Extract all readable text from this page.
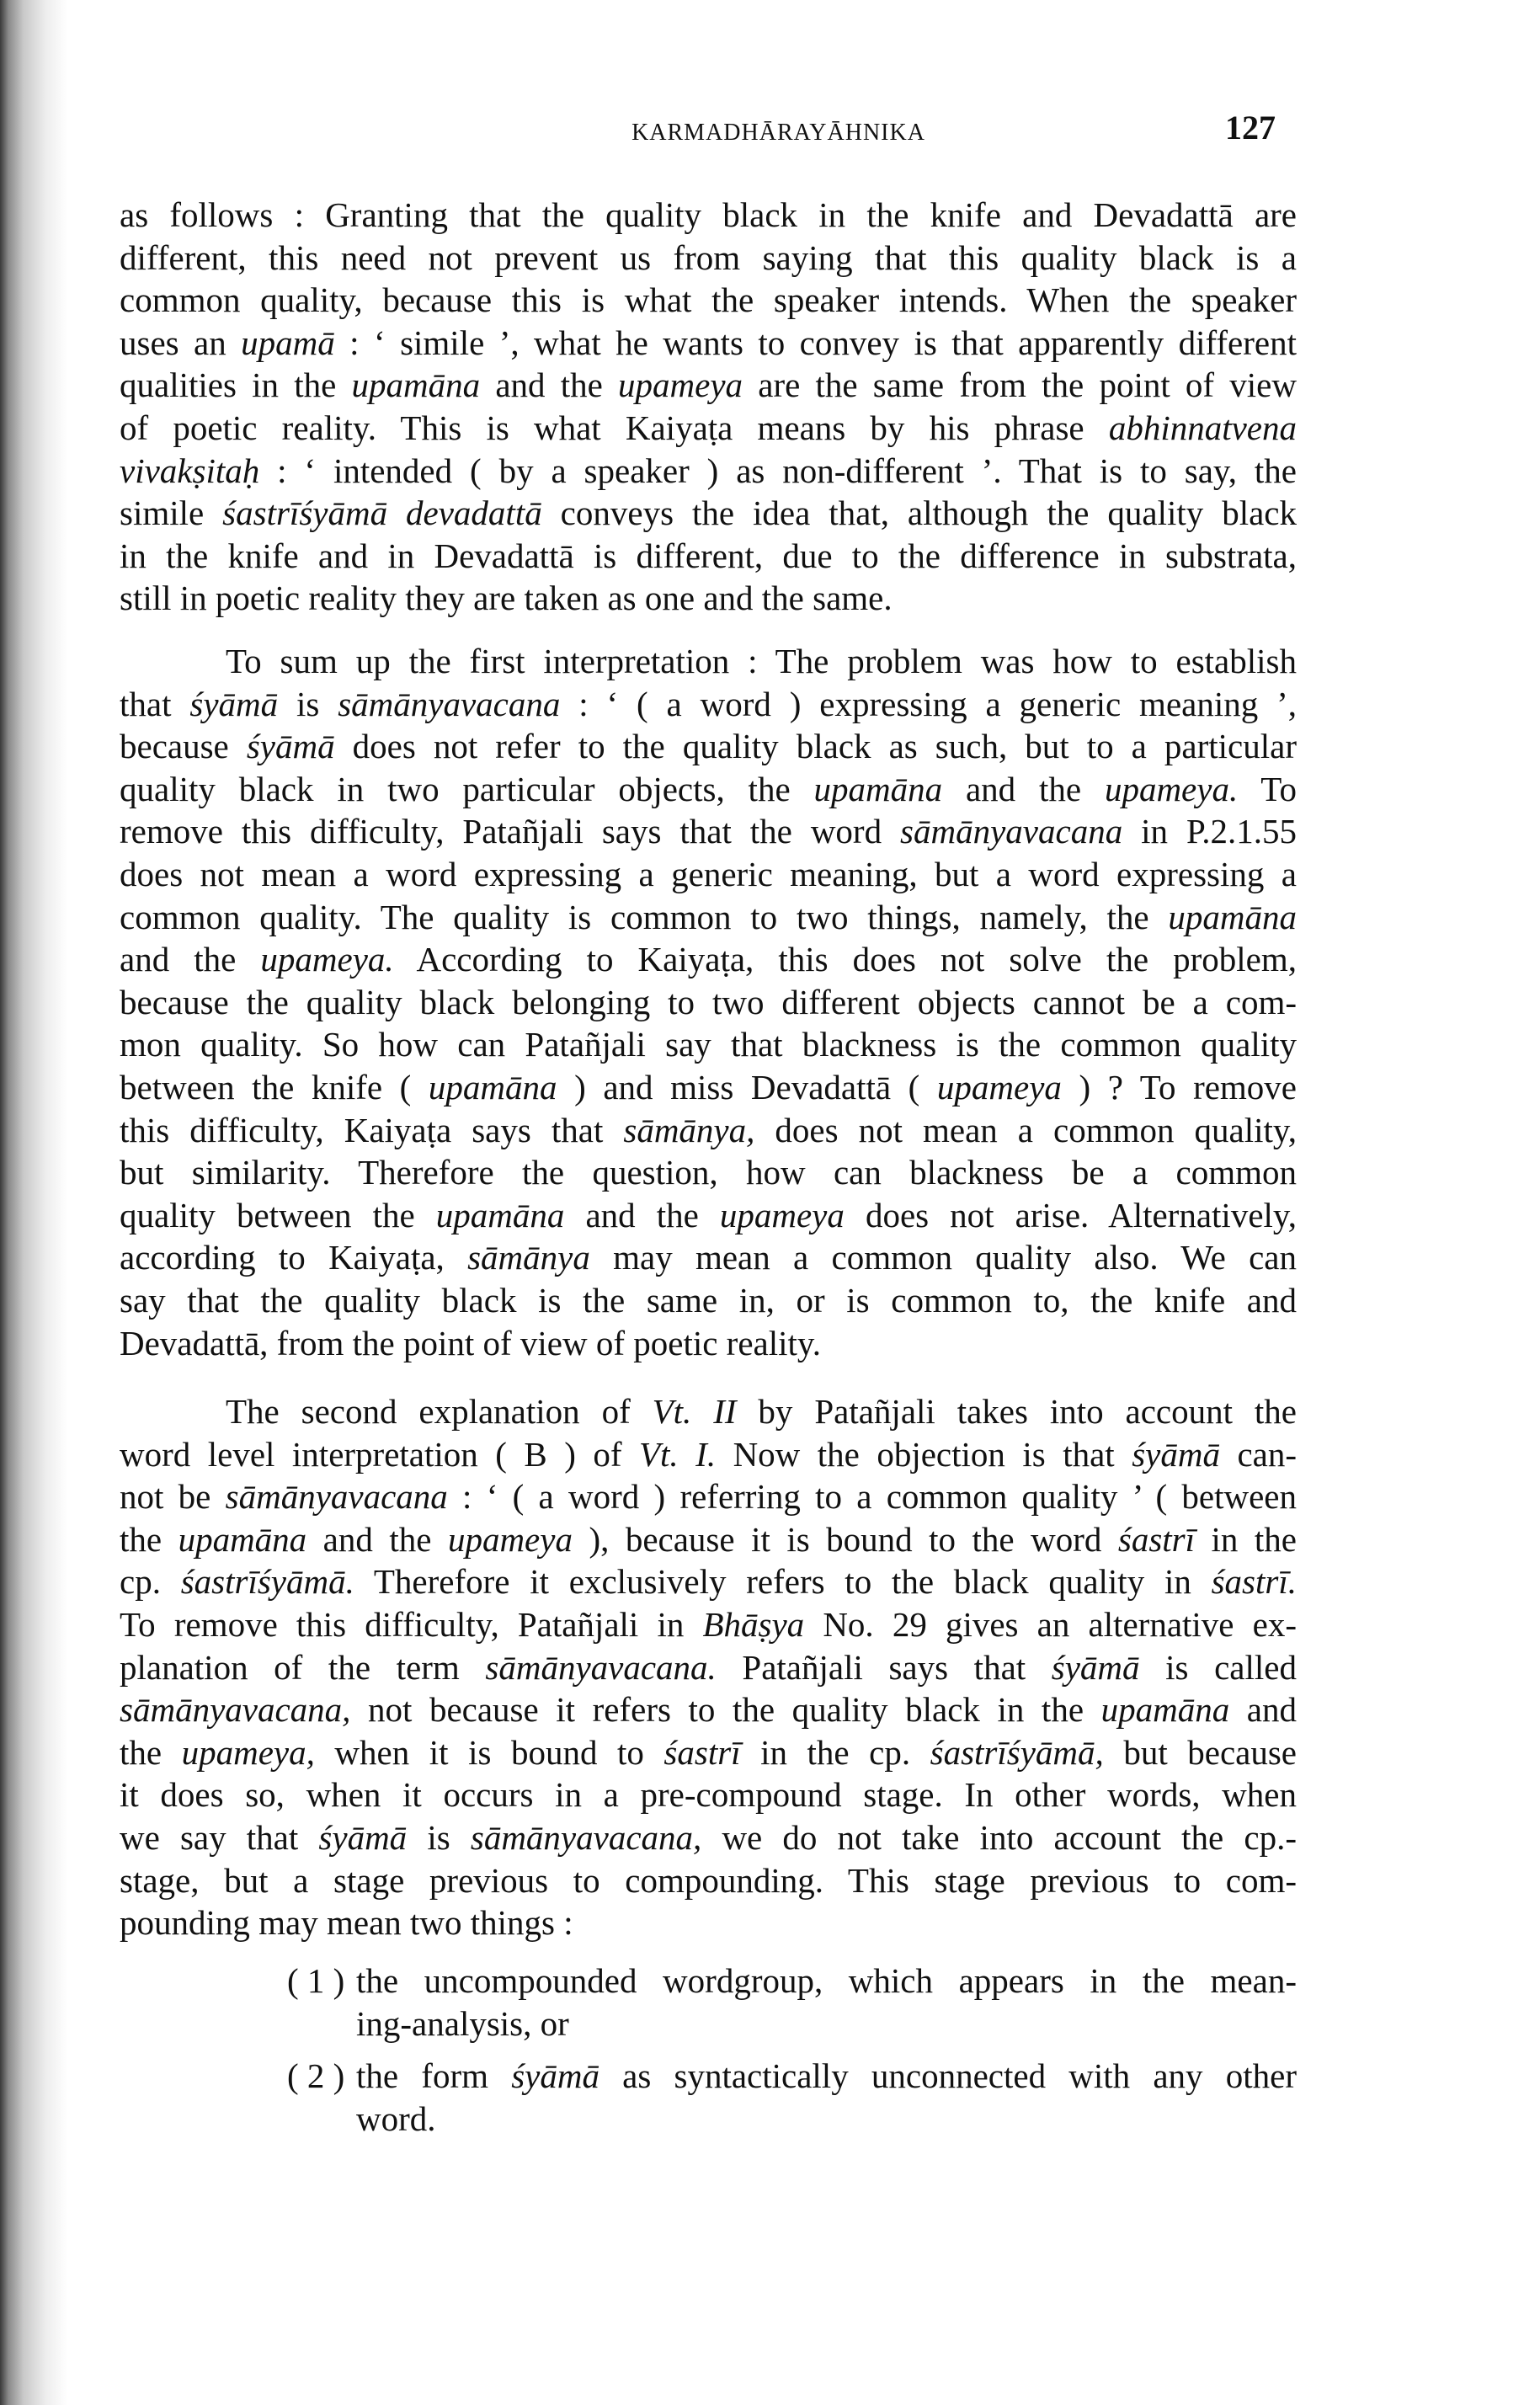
KARMADHĀRAYĀHNIKA	127
as follows : Granting that the quality black in the knife and Devadattā are
different, this need not prevent us from saying that this quality black is a
common quality, because this is what the speaker intends. When the speaker
uses an upamā : ‘ simile ’, what he wants to convey is that apparently different
qualities in the upamāna and the upameya are the same from the point of view
of poetic reality. This is what Kaiyaṭa means by his phrase abhinnatvena
vivakṣitaḥ : ‘ intended ( by a speaker ) as non-different ’. That is to say, the
simile śastrīśyāmā devadattā conveys the idea that, although the quality black
in the knife and in Devadattā is different, due to the difference in substrata,
still in poetic reality they are taken as one and the same.
To sum up the first interpretation : The problem was how to establish
that śyāmā is sāmānyavacana : ‘ ( a word ) expressing a generic meaning ’,
because śyāmā does not refer to the quality black as such, but to a particular
quality black in two particular objects, the upamāna and the upameya. To
remove this difficulty, Patañjali says that the word sāmānyavacana in P.2.1.55
does not mean a word expressing a generic meaning, but a word expressing a
common quality. The quality is common to two things, namely, the upamāna
and the upameya. According to Kaiyaṭa, this does not solve the problem,
because the quality black belonging to two different objects cannot be a com-
mon quality. So how can Patañjali say that blackness is the common quality
between the knife ( upamāna ) and miss Devadattā ( upameya ) ? To remove
this difficulty, Kaiyaṭa says that sāmānya, does not mean a common quality,
but similarity. Therefore the question, how can blackness be a common
quality between the upamāna and the upameya does not arise. Alternatively,
according to Kaiyaṭa, sāmānya may mean a common quality also. We can
say that the quality black is the same in, or is common to, the knife and
Devadattā, from the point of view of poetic reality.
The second explanation of Vt. II by Patañjali takes into account the
word level interpretation ( B ) of Vt. I. Now the objection is that śyāmā can-
not be sāmānyavacana : ‘ ( a word ) referring to a common quality ’ ( between
the upamāna and the upameya ), because it is bound to the word śastrī in the
cp. śastrīśyāmā. Therefore it exclusively refers to the black quality in śastrī.
To remove this difficulty, Patañjali in Bhāṣya No. 29 gives an alternative ex-
planation of the term sāmānyavacana. Patañjali says that śyāmā is called
sāmānyavacana, not because it refers to the quality black in the upamāna and
the upameya, when it is bound to śastrī in the cp. śastrīśyāmā, but because
it does so, when it occurs in a pre-compound stage. In other words, when
we say that śyāmā is sāmānyavacana, we do not take into account the cp.-
stage, but a stage previous to compounding. This stage previous to com-
pounding may mean two things :
( 1 ) the uncompounded wordgroup, which appears in the mean-
ing-analysis, or
( 2 ) the form śyāmā as syntactically unconnected with any other
word.
